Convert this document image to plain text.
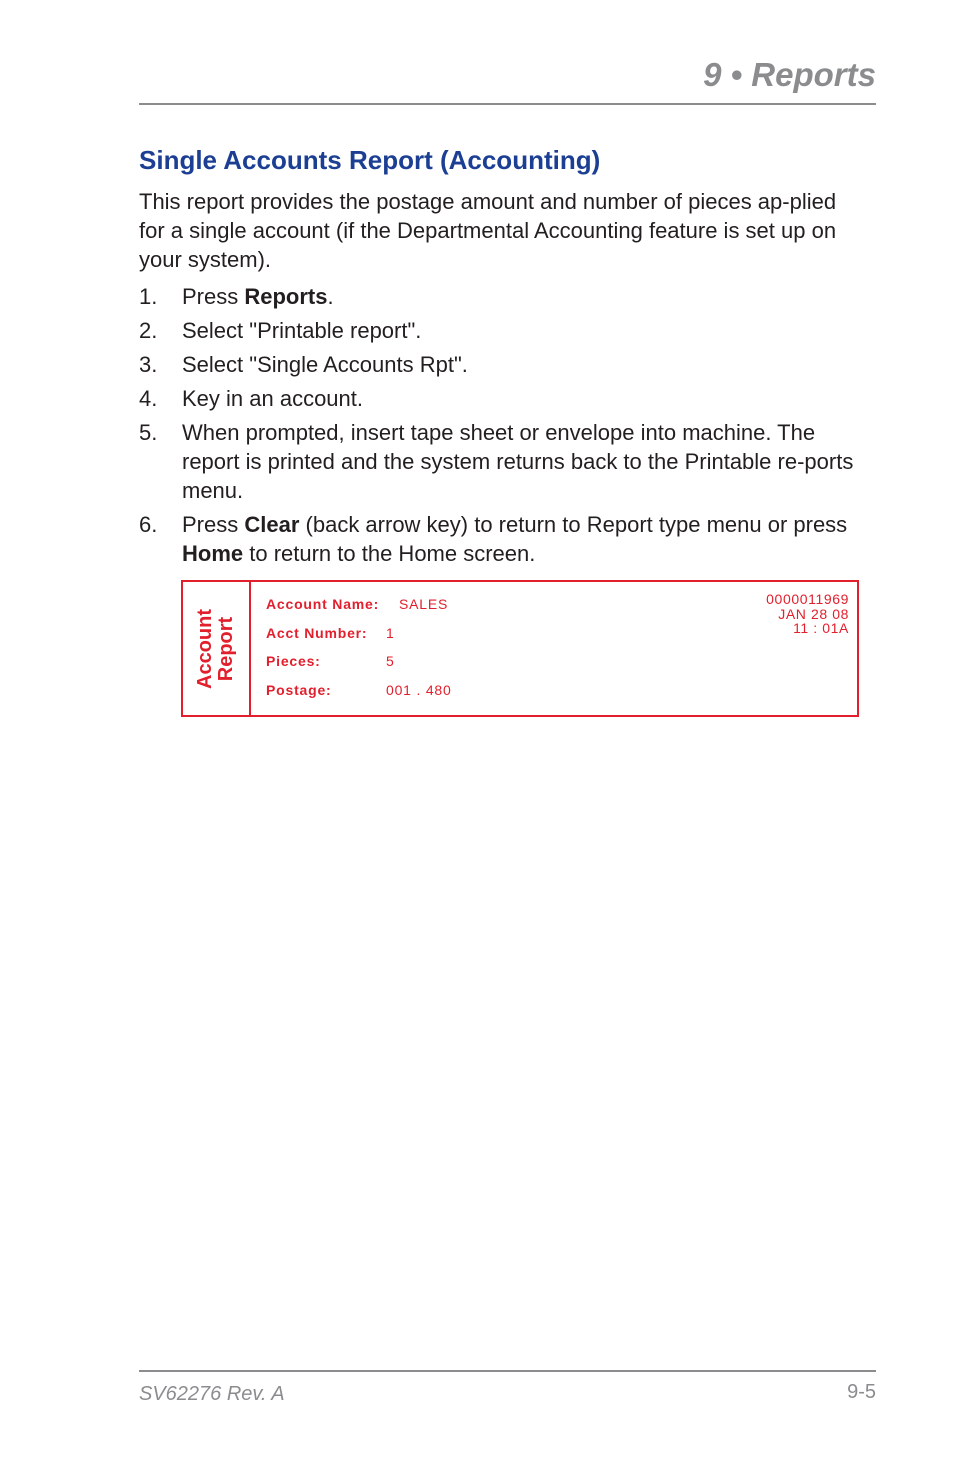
9 • Reports
Single Accounts Report (Accounting)

This report provides the postage amount and number of pieces ap-plied for a single account (if the Departmental Accounting feature is set up on your system).

1.	Press Reports.
2.	Select "Printable report".
3.	Select "Single Accounts Rpt".
4.	Key in an account.
5.	When prompted, insert tape sheet or envelope into machine. The report is printed and the system returns back to the Printable re-ports menu.
6.	Press Clear (back arrow key) to return to Report type menu or press Home to return to the Home screen.
Account Report
Account Name:	SALES
Acct Number:	1
Pieces:	5
Postage:	001 . 480
0000011969
JAN 28 08
11 : 01A
SV62276 Rev. A	9-5
